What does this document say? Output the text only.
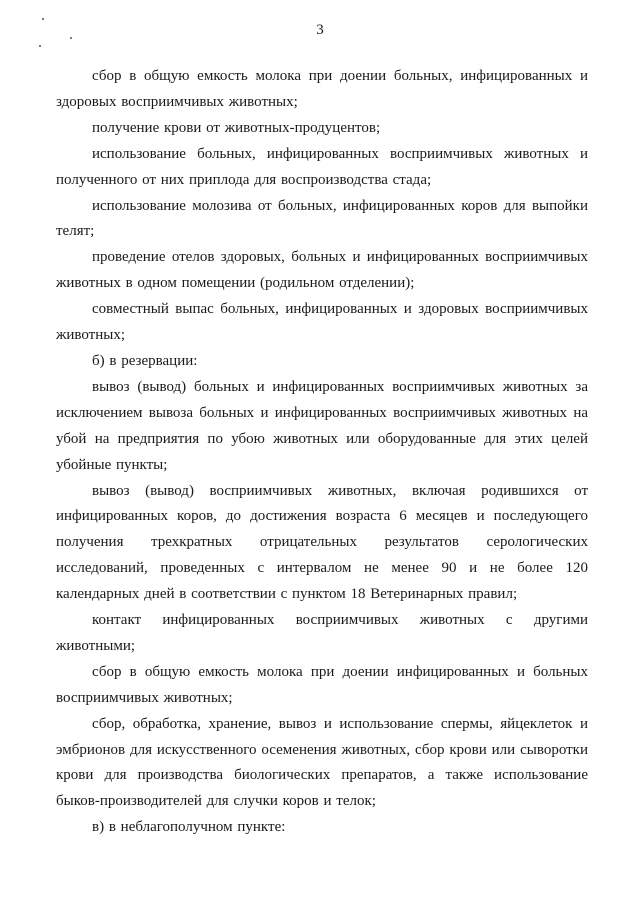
3

сбор в общую емкость молока при доении больных, инфицированных и здоровых восприимчивых животных;

получение крови от животных-продуцентов;

использование больных, инфицированных восприимчивых животных и полученного от них приплода для воспроизводства стада;

использование молозива от больных, инфицированных коров для выпойки телят;

проведение отелов здоровых, больных и инфицированных восприимчивых животных в одном помещении (родильном отделении);

совместный выпас больных, инфицированных и здоровых восприимчивых животных;

б) в резервации:

вывоз (вывод) больных и инфицированных восприимчивых животных за исключением вывоза больных и инфицированных восприимчивых животных на убой на предприятия по убою животных или оборудованные для этих целей убойные пункты;

вывоз (вывод) восприимчивых животных, включая родившихся от инфицированных коров, до достижения возраста 6 месяцев и последующего получения трехкратных отрицательных результатов серологических исследований, проведенных с интервалом не менее 90 и не более 120 календарных дней в соответствии с пунктом 18 Ветеринарных правил;

контакт инфицированных восприимчивых животных с другими животными;

сбор в общую емкость молока при доении инфицированных и больных восприимчивых животных;

сбор, обработка, хранение, вывоз и использование спермы, яйцеклеток и эмбрионов для искусственного осеменения животных, сбор крови или сыворотки крови для производства биологических препаратов, а также использование быков-производителей для случки коров и телок;

в) в неблагополучном пункте:
